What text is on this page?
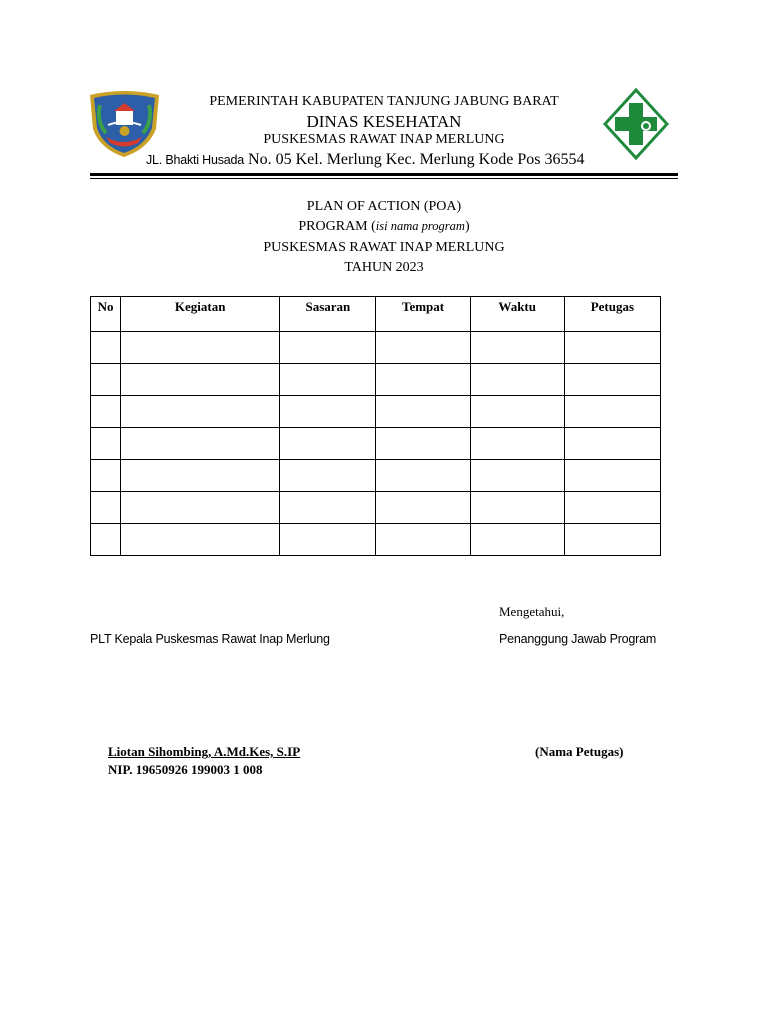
PEMERINTAH KABUPATEN TANJUNG JABUNG BARAT
DINAS KESEHATAN
PUSKESMAS RAWAT INAP MERLUNG
JL. Bhakti Husada No. 05 Kel. Merlung Kec. Merlung Kode Pos 36554
PLAN OF ACTION (POA)
PROGRAM (isi nama program)
PUSKESMAS RAWAT INAP MERLUNG
TAHUN 2023
No	Kegiatan	Sasaran	Tempat	Waktu	Petugas

Mengetahui,
PLT Kepala Puskesmas Rawat Inap Merlung	Penanggung Jawab Program
Liotan Sihombing, A.Md.Kes, S.IP
NIP. 19650926 199003 1 008
(Nama Petugas)
